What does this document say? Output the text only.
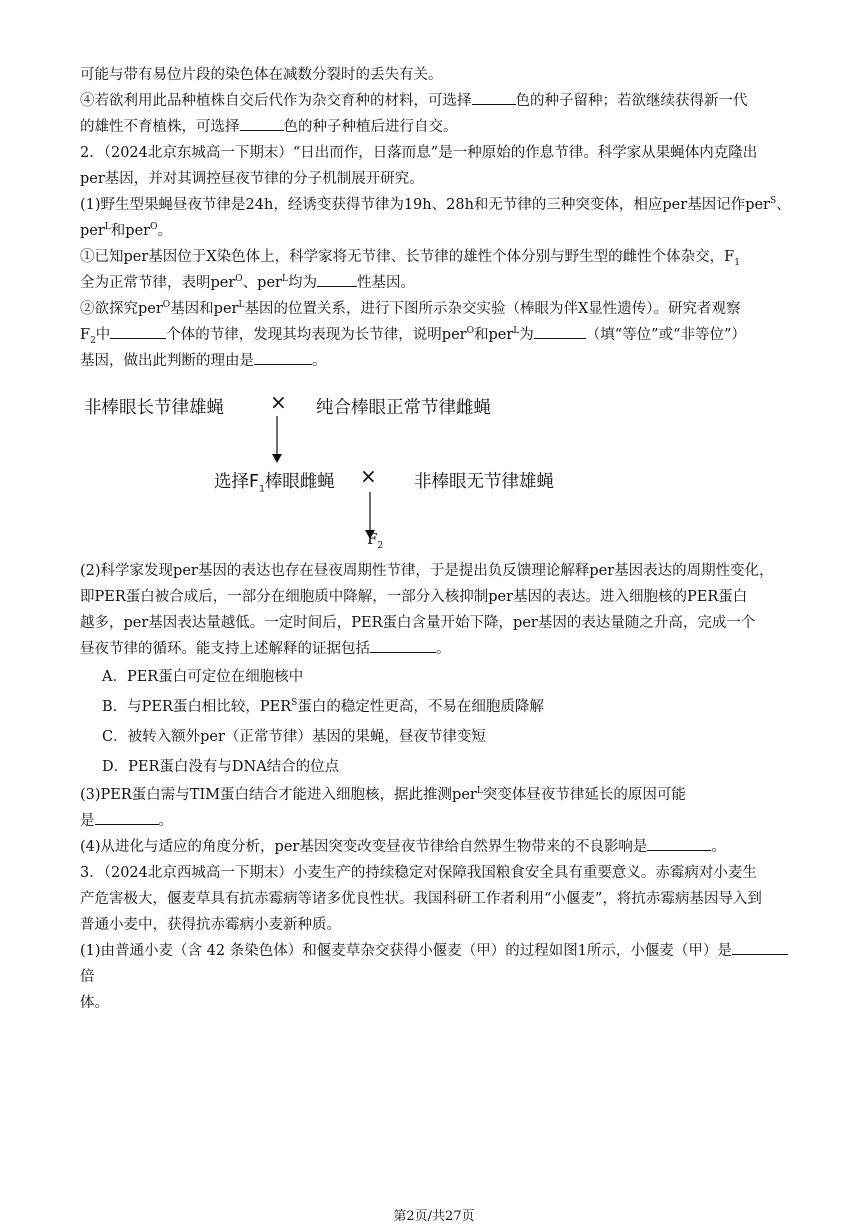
可能与带有易位片段的染色体在减数分裂时的丢失有关。

④若欲利用此品种植株自交后代作为杂交育种的材料，可选择	色的种子留种；若欲继续获得新一代

的雄性不育植株，可选择	色的种子种植后进行自交。

2．（2024北京东城高一下期末）“日出而作，日落而息”是一种原始的作息节律。科学家从果蝇体内克隆出

per基因，并对其调控昼夜节律的分子机制展开研究。

(1)野生型果蝇昼夜节律是24h，经诱变获得节律为19h、28h和无节律的三种突变体，相应per基因记作per$^S$、

per$^L$和per$^O$。

①已知per基因位于X染色体上，科学家将无节律、长节律的雄性个体分别与野生型的雌性个体杂交，$F_1$

全为正常节律，表明per$^O$、per$^L$均为	性基因。

②欲探究per$^O$基因和per$^L$基因的位置关系，进行下图所示杂交实验（棒眼为伴X显性遗传）。研究者观察

$F_2$中	个体的节律，发现其均表现为长节律，说明per$^O$和per$^L$为	（填“等位”或“非等位”）

基因，做出此判断的理由是	。

非棒眼长节律雄蝇 × 纯合棒眼正常节律雌蝇
选择$F_1$棒眼雌蝇 × 非棒眼无节律雄蝇
$F_2$

(2)科学家发现per基因的表达也存在昼夜周期性节律，于是提出负反馈理论解释per基因表达的周期性变化，

即PER蛋白被合成后，一部分在细胞质中降解，一部分入核抑制per基因的表达。进入细胞核的PER蛋白

越多，per基因表达量越低。一定时间后，PER蛋白含量开始下降，per基因的表达量随之升高，完成一个

昼夜节律的循环。能支持上述解释的证据包括	。

A．PER蛋白可定位在细胞核中

B．与PER蛋白相比较，$PER^S$蛋白的稳定性更高，不易在细胞质降解

C．被转入额外per（正常节律）基因的果蝇，昼夜节律变短

D．PER蛋白没有与DNA结合的位点

(3)PER蛋白需与TIM蛋白结合才能进入细胞核，据此推测per$^L$突变体昼夜节律延长的原因可能

是	。

(4)从进化与适应的角度分析，per基因突变改变昼夜节律给自然界生物带来的不良影响是	。

3．（2024北京西城高一下期末）小麦生产的持续稳定对保障我国粮食安全具有重要意义。赤霉病对小麦生

产危害极大，偃麦草具有抗赤霉病等诸多优良性状。我国科研工作者利用“小偃麦”，将抗赤霉病基因导入到

普通小麦中，获得抗赤霉病小麦新种质。

(1)由普通小麦（含 42 条染色体）和偃麦草杂交获得小偃麦（甲）的过程如图1所示，小偃麦（甲）是倍

体。

第2页/共27页
